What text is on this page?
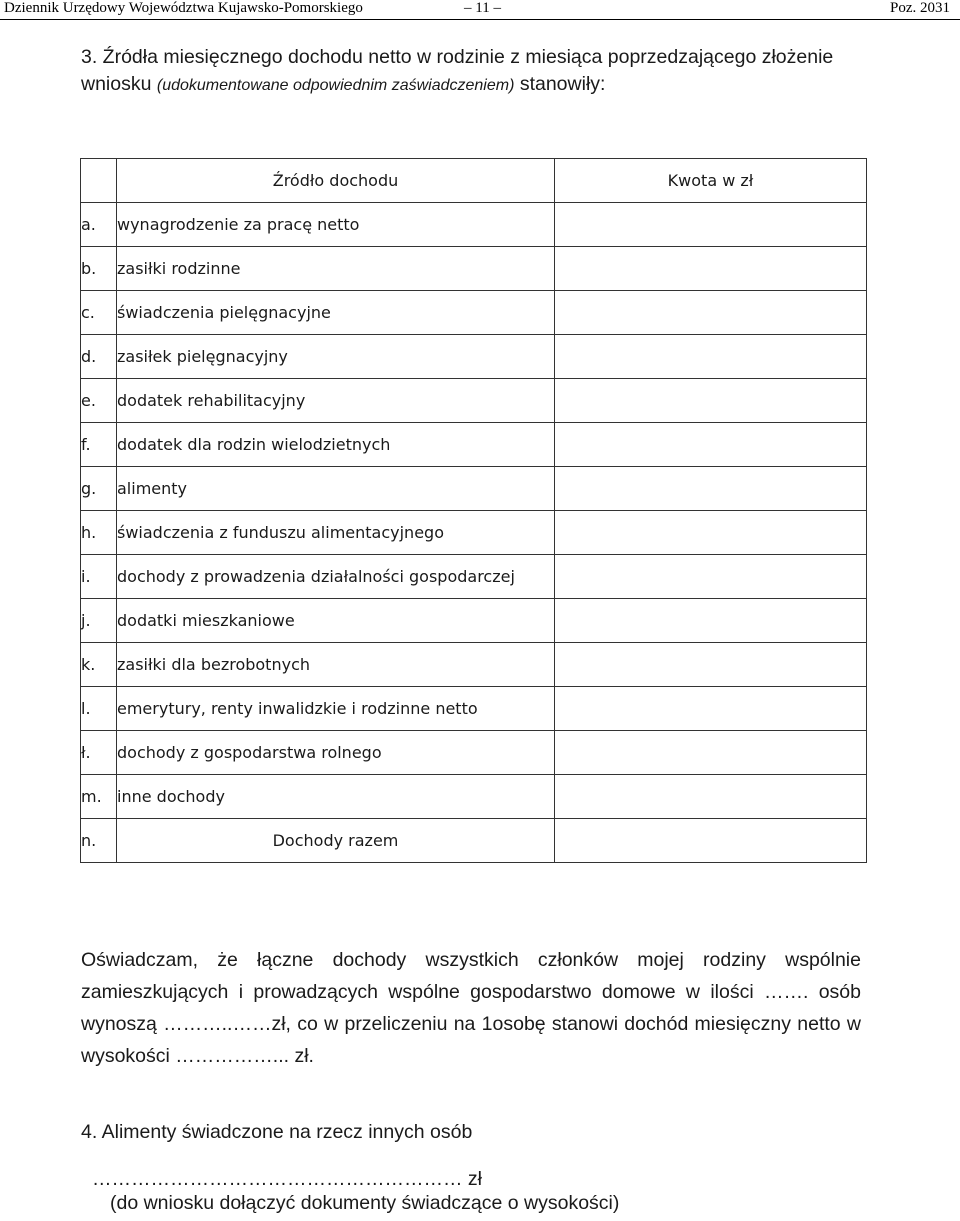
Dziennik Urzędowy Województwa Kujawsko-Pomorskiego	– 11 –	Poz. 2031
3. Źródła miesięcznego dochodu netto w rodzinie z miesiąca poprzedzającego złożenie wniosku (udokumentowane odpowiednim zaświadczeniem) stanowiły:
	Źródło dochodu	Kwota w zł
a.	wynagrodzenie za pracę netto	
b.	zasiłki rodzinne	
c.	świadczenia pielęgnacyjne	
d.	zasiłek pielęgnacyjny	
e.	dodatek rehabilitacyjny	
f.	dodatek dla rodzin wielodzietnych	
g.	alimenty	
h.	świadczenia z funduszu alimentacyjnego	
i.	dochody z prowadzenia działalności gospodarczej	
j.	dodatki mieszkaniowe	
k.	zasiłki dla bezrobotnych	
l.	emerytury, renty inwalidzkie i rodzinne netto	
ł.	dochody z gospodarstwa rolnego	
m.	inne dochody	
n.	Dochody razem	
Oświadczam, że łączne dochody wszystkich członków mojej rodziny wspólnie zamieszkujących i prowadzących wspólne gospodarstwo domowe w ilości ……. osób wynoszą ………..……zł, co w przeliczeniu na 1osobę stanowi dochód miesięczny netto w wysokości ……………... zł.
4. Alimenty świadczone na rzecz innych osób
………………………………………………… zł
(do wniosku dołączyć dokumenty świadczące o wysokości)
